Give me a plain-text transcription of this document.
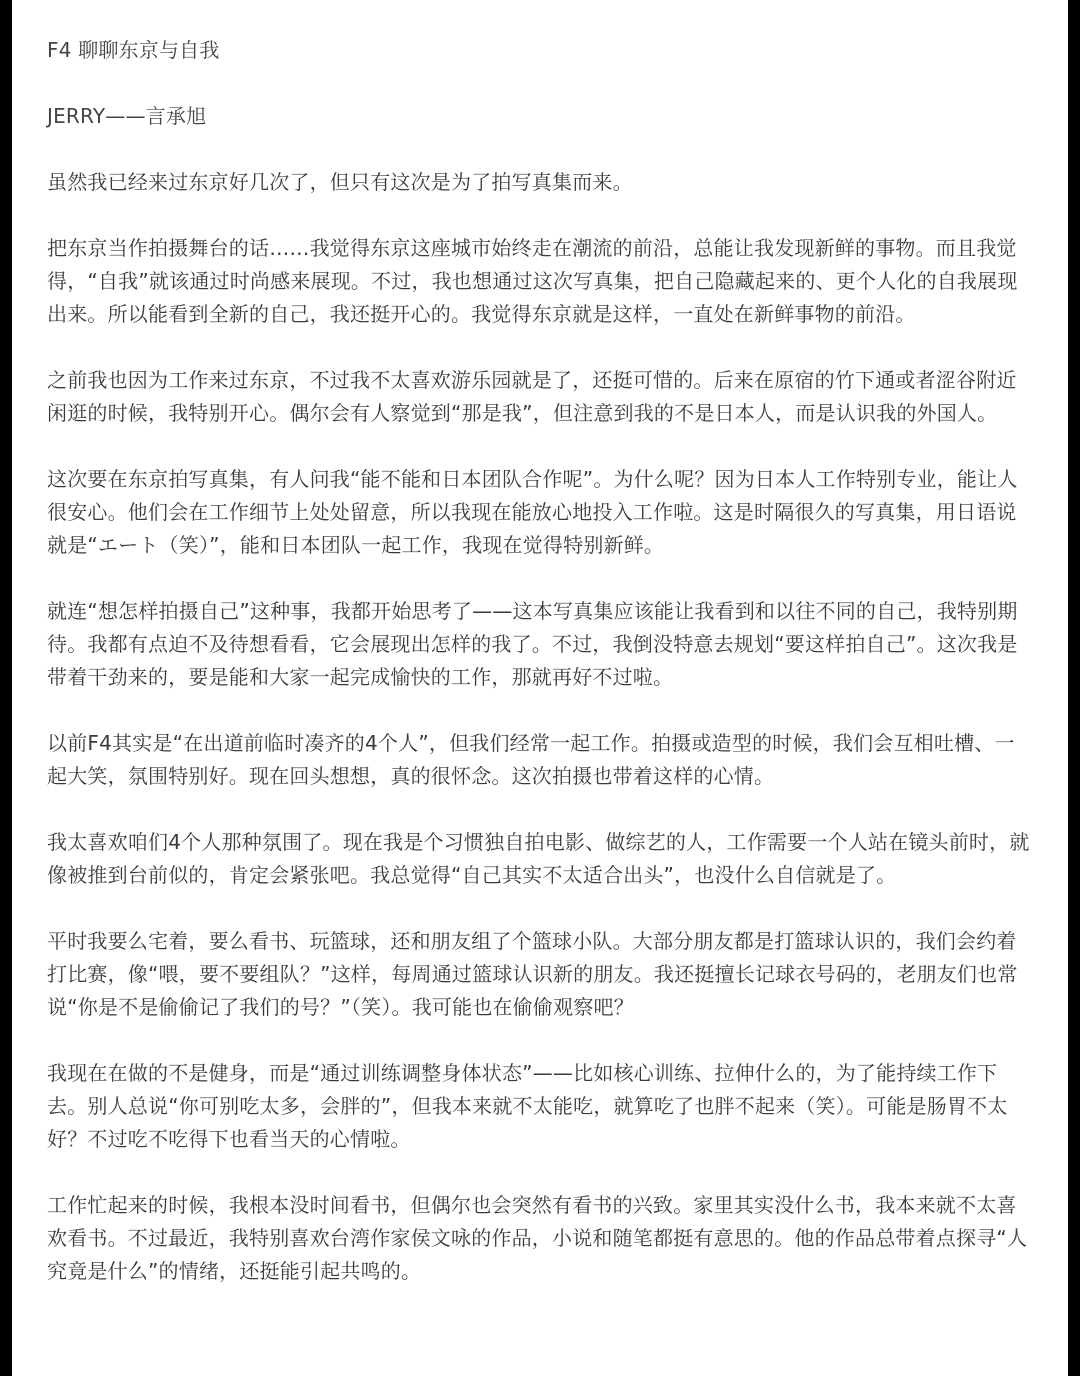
F4 聊聊东京与自我

JERRY——言承旭

虽然我已经来过东京好几次了，但只有这次是为了拍写真集而来。

把东京当作拍摄舞台的话……我觉得东京这座城市始终走在潮流的前沿，总能让我发现新鲜的事物。而且我觉得，“自我”就该通过时尚感来展现。不过，我也想通过这次写真集，把自己隐藏起来的、更个人化的自我展现出来。所以能看到全新的自己，我还挺开心的。我觉得东京就是这样，一直处在新鲜事物的前沿。

之前我也因为工作来过东京，不过我不太喜欢游乐园就是了，还挺可惜的。后来在原宿的竹下通或者涩谷附近闲逛的时候，我特别开心。偶尔会有人察觉到“那是我”，但注意到我的不是日本人，而是认识我的外国人。

这次要在东京拍写真集，有人问我“能不能和日本团队合作呢”。为什么呢？因为日本人工作特别专业，能让人很安心。他们会在工作细节上处处留意，所以我现在能放心地投入工作啦。这是时隔很久的写真集，用日语说就是“エート（笑）”，能和日本团队一起工作，我现在觉得特别新鲜。

就连“想怎样拍摄自己”这种事，我都开始思考了——这本写真集应该能让我看到和以往不同的自己，我特别期待。我都有点迫不及待想看看，它会展现出怎样的我了。不过，我倒没特意去规划“要这样拍自己”。这次我是带着干劲来的，要是能和大家一起完成愉快的工作，那就再好不过啦。

以前F4其实是“在出道前临时凑齐的4个人”，但我们经常一起工作。拍摄或造型的时候，我们会互相吐槽、一起大笑，氛围特别好。现在回头想想，真的很怀念。这次拍摄也带着这样的心情。

我太喜欢咱们4个人那种氛围了。现在我是个习惯独自拍电影、做综艺的人，工作需要一个人站在镜头前时，就像被推到台前似的，肯定会紧张吧。我总觉得“自己其实不太适合出头”，也没什么自信就是了。

平时我要么宅着，要么看书、玩篮球，还和朋友组了个篮球小队。大部分朋友都是打篮球认识的，我们会约着打比赛，像“喂，要不要组队？”这样，每周通过篮球认识新的朋友。我还挺擅长记球衣号码的，老朋友们也常说“你是不是偷偷记了我们的号？”（笑）。我可能也在偷偷观察吧？

我现在在做的不是健身，而是“通过训练调整身体状态”——比如核心训练、拉伸什么的，为了能持续工作下去。别人总说“你可别吃太多，会胖的”，但我本来就不太能吃，就算吃了也胖不起来（笑）。可能是肠胃不太好？不过吃不吃得下也看当天的心情啦。

工作忙起来的时候，我根本没时间看书，但偶尔也会突然有看书的兴致。家里其实没什么书，我本来就不太喜欢看书。不过最近，我特别喜欢台湾作家侯文咏的作品，小说和随笔都挺有意思的。他的作品总带着点探寻“人究竟是什么”的情绪，还挺能引起共鸣的。
